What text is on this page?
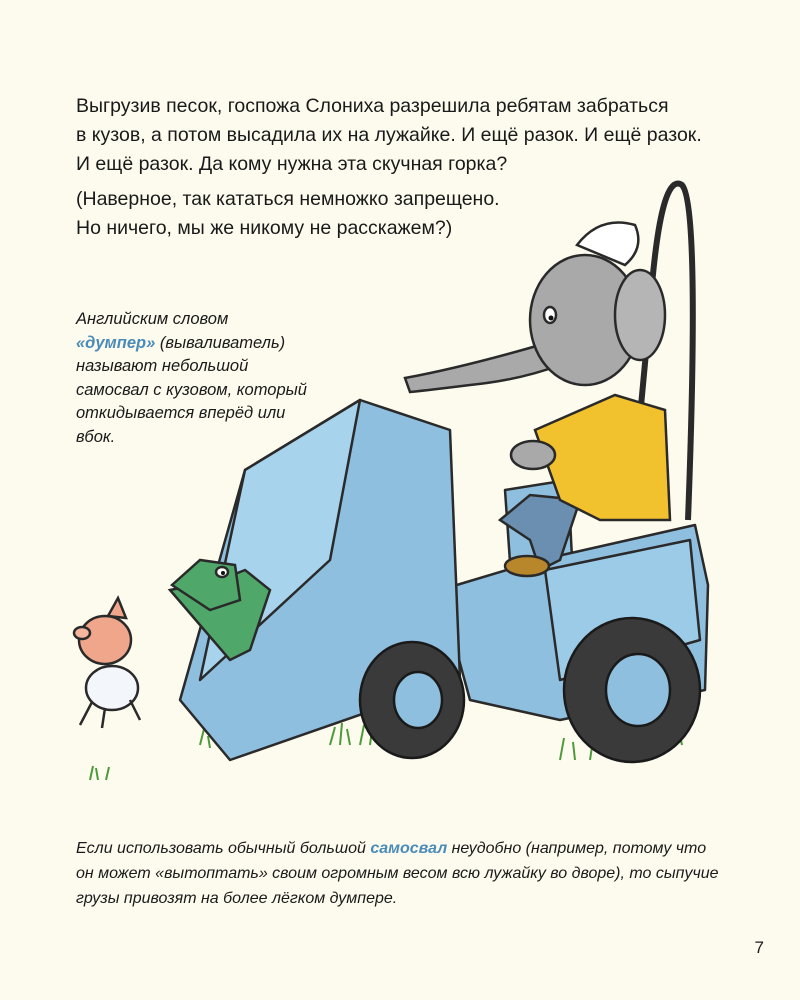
Выгрузив песок, госпожа Слониха разрешила ребятам забраться

в кузов, а потом высадила их на лужайке. И ещё разок. И ещё разок.

И ещё разок. Да кому нужна эта скучная горка?

(Наверное, так кататься немножко запрещено.

Но ничего, мы же никому не расскажем?)

Английским словом
«думпер» (вываливатель)
называют небольшой
самосвал с кузовом, который
откидывается вперёд или
вбок.
Если использовать обычный большой самосвал неудобно (например, потому что
он может «вытоптать» своим огромным весом всю лужайку во дворе), то сыпучие
грузы привозят на более лёгком думпере.
7
